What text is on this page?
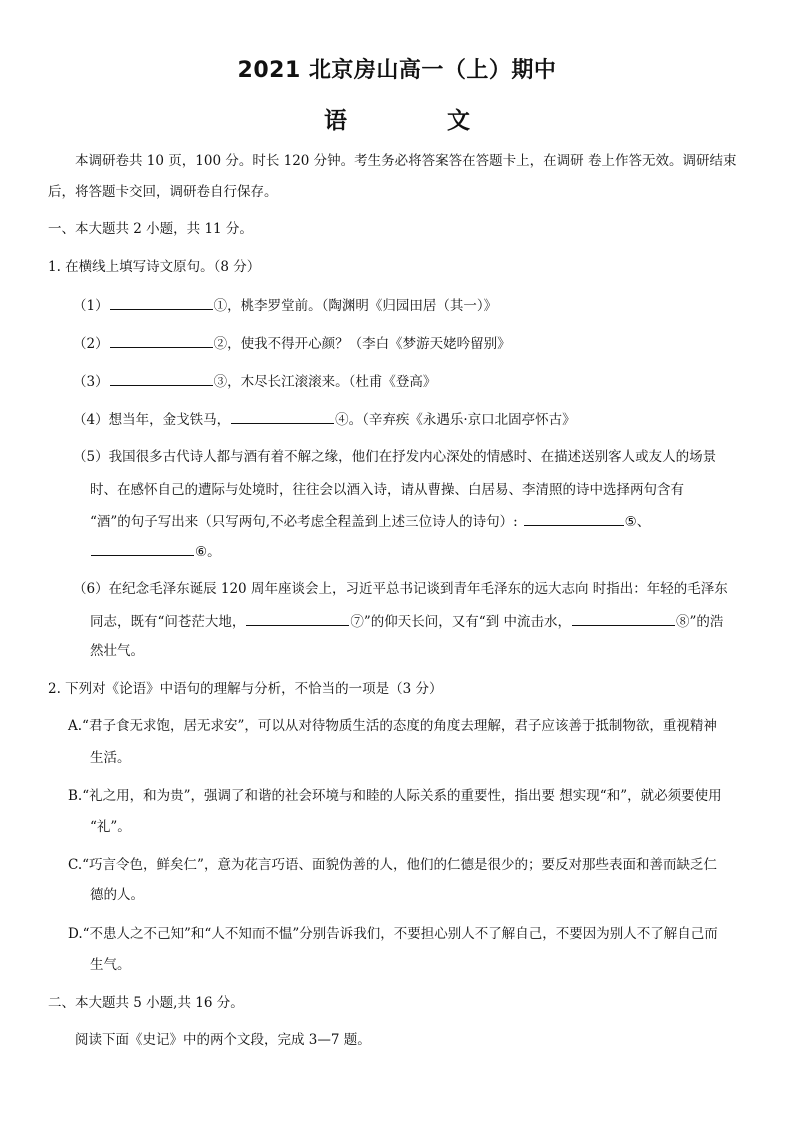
2021 北京房山高一（上）期中
语 文
本调研卷共 10 页，100 分。时长 120 分钟。考生务必将答案答在答题卡上，在调研 卷上作答无效。调研结束
后，将答题卡交回，调研卷自行保存。
一、本大题共 2 小题，共 11 分。
1. 在横线上填写诗文原句。（8 分）
（1）	①，桃李罗堂前。（陶渊明《归园田居（其一）》
（2）	②，使我不得开心颜？（李白《梦游天姥吟留别》
（3）	③，木尽长江滚滚来。（杜甫《登高》
（4）想当年，金戈铁马，	④。（辛弃疾《永遇乐·京口北固亭怀古》
（5）我国很多古代诗人都与酒有着不解之缘，他们在抒发内心深处的情感时、在描述送别客人或友人的场景
时、在感怀自己的遭际与处境时，往往会以酒入诗，请从曹操、白居易、李清照的诗中选择两句含有
“酒”的句子写出来（只写两句,不必考虑全程盖到上述三位诗人的诗句）:	⑤、
⑥。
（6）在纪念毛泽东诞辰 120 周年座谈会上，习近平总书记谈到青年毛泽东的远大志向 时指出：年轻的毛泽东
同志，既有“问苍茫大地，	⑦”的仰天长问，又有“到 中流击水，	⑧”的浩
然壮气。
2. 下列对《论语》中语句的理解与分析，不恰当的一项是（3 分）
A.“君子食无求饱，居无求安”，可以从对待物质生活的态度的角度去理解，君子应该善于抵制物欲，重视精神
生活。
B.“礼之用，和为贵”，强调了和谐的社会环境与和睦的人际关系的重要性，指出要 想实现“和”，就必须要使用
“礼”。
C.“巧言令色，鲜矣仁”，意为花言巧语、面貌伪善的人，他们的仁德是很少的；要反对那些表面和善而缺乏仁
德的人。
D.“不患人之不己知”和“人不知而不愠”分别告诉我们，不要担心别人不了解自己，不要因为别人不了解自己而
生气。
二、本大题共 5 小题,共 16 分。
阅读下面《史记》中的两个文段，完成 3—7 题。
